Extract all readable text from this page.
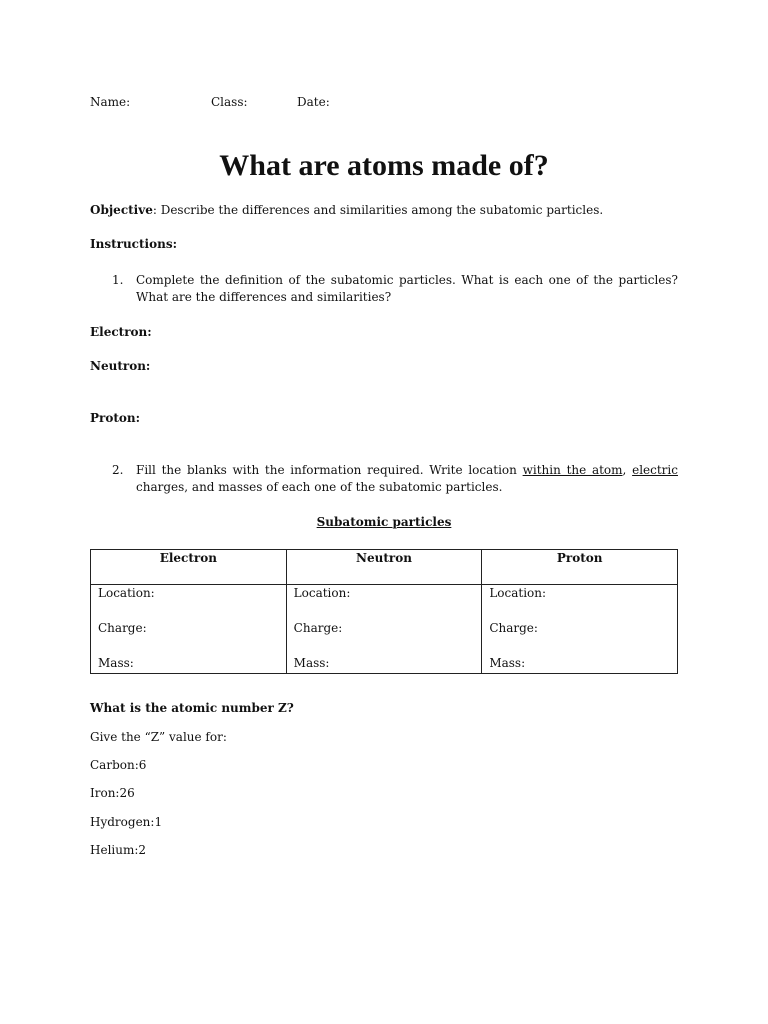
Name:	Class:	Date:
What are atoms made of?
Objective: Describe the differences and similarities among the subatomic particles.
Instructions:
1. Complete the definition of the subatomic particles. What is each one of the particles? What are the differences and similarities?
Electron:
Neutron:
Proton:
2. Fill the blanks with the information required. Write location within the atom, electric charges, and masses of each one of the subatomic particles.
Subatomic particles
Electron	Neutron	Proton

Location:
Charge:
Mass:	Location:
Charge:
Mass:	Location:
Charge:
Mass:
What is the atomic number Z?
Give the “Z” value for:
Carbon:6
Iron:26
Hydrogen:1
Helium:2
